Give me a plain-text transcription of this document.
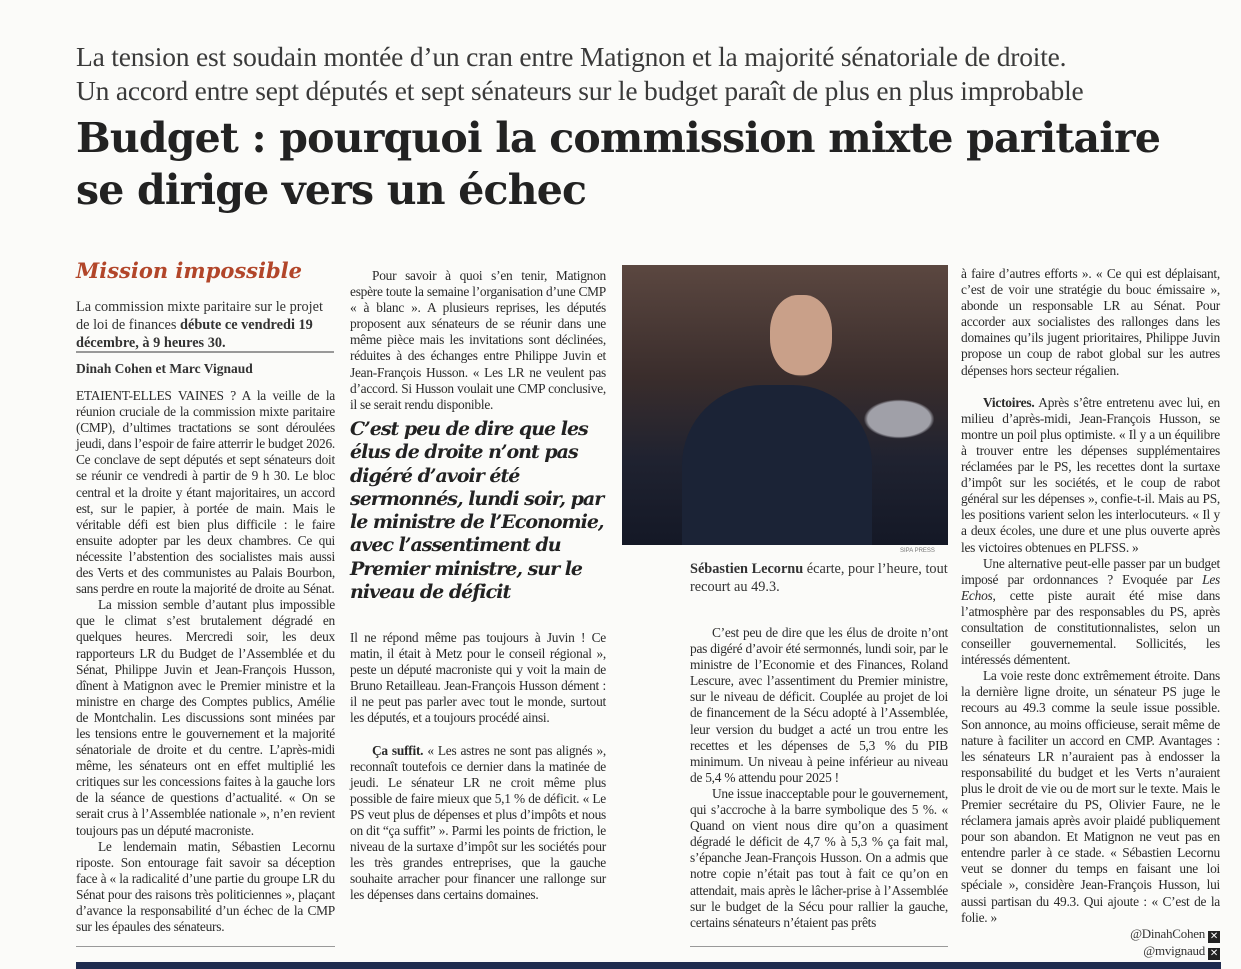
La tension est soudain montée d’un cran entre Matignon et la majorité sénatoriale de droite.
Un accord entre sept députés et sept sénateurs sur le budget paraît de plus en plus improbable
Budget : pourquoi la commission mixte paritaire
se dirige vers un échec
Mission impossible
La commission mixte paritaire sur le projet de loi de finances débute ce vendredi 19 décembre, à 9 heures 30.
Dinah Cohen et Marc Vignaud

ETAIENT-ELLES VAINES ? A la veille de la réunion cruciale de la commission mixte paritaire (CMP), d’ultimes tractations se sont déroulées jeudi, dans l’espoir de faire atterrir le budget 2026. Ce conclave de sept députés et sept sénateurs doit se réunir ce vendredi à partir de 9 h 30. Le bloc central et la droite y étant majoritaires, un accord est, sur le papier, à portée de main. Mais le véritable défi est bien plus difficile : le faire ensuite adopter par les deux chambres. Ce qui nécessite l’abstention des socialistes mais aussi des Verts et des communistes au Palais Bourbon, sans perdre en route la majorité de droite au Sénat.

La mission semble d’autant plus impossible que le climat s’est brutalement dégradé en quelques heures. Mercredi soir, les deux rapporteurs LR du Budget de l’Assemblée et du Sénat, Philippe Juvin et Jean-François Husson, dînent à Matignon avec le Premier ministre et la ministre en charge des Comptes publics, Amélie de Montchalin. Les discussions sont minées par les tensions entre le gouvernement et la majorité sénatoriale de droite et du centre. L’après-midi même, les sénateurs ont en effet multiplié les critiques sur les concessions faites à la gauche lors de la séance de questions d’actualité. « On se serait crus à l’Assemblée nationale », n’en revient toujours pas un député macroniste.

Le lendemain matin, Sébastien Lecornu riposte. Son entourage fait savoir sa déception face à « la radicalité d’une partie du groupe LR du Sénat pour des raisons très politiciennes », plaçant d’avance la responsabilité d’un échec de la CMP sur les épaules des sénateurs.

Pour savoir à quoi s’en tenir, Matignon espère toute la semaine l’organisation d’une CMP « à blanc ». A plusieurs reprises, les députés proposent aux sénateurs de se réunir dans une même pièce mais les invitations sont déclinées, réduites à des échanges entre Philippe Juvin et Jean-François Husson. « Les LR ne veulent pas d’accord. Si Husson voulait une CMP conclusive, il se serait rendu disponible.

C’est peu de dire que les élus de droite n’ont pas digéré d’avoir été sermonnés, lundi soir, par le ministre de l’Economie, avec l’assentiment du Premier ministre, sur le niveau de déficit

Il ne répond même pas toujours à Juvin ! Ce matin, il était à Metz pour le conseil régional », peste un député macroniste qui y voit la main de Bruno Retailleau. Jean-François Husson dément : il ne peut pas parler avec tout le monde, surtout les députés, et a toujours procédé ainsi.

Ça suffit. « Les astres ne sont pas alignés », reconnaît toutefois ce dernier dans la matinée de jeudi. Le sénateur LR ne croit même plus possible de faire mieux que 5,1 % de déficit. « Le PS veut plus de dépenses et plus d’impôts et nous on dit “ça suffit” ». Parmi les points de friction, le niveau de la surtaxe d’impôt sur les sociétés pour les très grandes entreprises, que la gauche souhaite arracher pour financer une rallonge sur les dépenses dans certains domaines.

SIPA PRESS
Sébastien Lecornu écarte, pour l’heure, tout recourt au 49.3.

C’est peu de dire que les élus de droite n’ont pas digéré d’avoir été sermonnés, lundi soir, par le ministre de l’Economie et des Finances, Roland Lescure, avec l’assentiment du Premier ministre, sur le niveau de déficit. Couplée au projet de loi de financement de la Sécu adopté à l’Assemblée, leur version du budget a acté un trou entre les recettes et les dépenses de 5,3 % du PIB minimum. Un niveau à peine inférieur au niveau de 5,4 % attendu pour 2025 !

Une issue inacceptable pour le gouvernement, qui s’accroche à la barre symbolique des 5 %. « Quand on vient nous dire qu’on a quasiment dégradé le déficit de 4,7 % à 5,3 % ça fait mal, s’épanche Jean-François Husson. On a admis que notre copie n’était pas tout à fait ce qu’on en attendait, mais après le lâcher-prise à l’Assemblée sur le budget de la Sécu pour rallier la gauche, certains sénateurs n’étaient pas prêts

à faire d’autres efforts ». « Ce qui est déplaisant, c’est de voir une stratégie du bouc émissaire », abonde un responsable LR au Sénat. Pour accorder aux socialistes des rallonges dans les domaines qu’ils jugent prioritaires, Philippe Juvin propose un coup de rabot global sur les autres dépenses hors secteur régalien.

Victoires. Après s’être entretenu avec lui, en milieu d’après-midi, Jean-François Husson, se montre un poil plus optimiste. « Il y a un équilibre à trouver entre les dépenses supplémentaires réclamées par le PS, les recettes dont la surtaxe d’impôt sur les sociétés, et le coup de rabot général sur les dépenses », confie-t-il. Mais au PS, les positions varient selon les interlocuteurs. « Il y a deux écoles, une dure et une plus ouverte après les victoires obtenues en PLFSS. »

Une alternative peut-elle passer par un budget imposé par ordonnances ? Evoquée par Les Echos, cette piste aurait été mise dans l’atmosphère par des responsables du PS, après consultation de constitutionnalistes, selon un conseiller gouvernemental. Sollicités, les intéressés démentent.

La voie reste donc extrêmement étroite. Dans la dernière ligne droite, un sénateur PS juge le recours au 49.3 comme la seule issue possible. Son annonce, au moins officieuse, serait même de nature à faciliter un accord en CMP. Avantages : les sénateurs LR n’auraient pas à endosser la responsabilité du budget et les Verts n’auraient plus le droit de vie ou de mort sur le texte. Mais le Premier secrétaire du PS, Olivier Faure, ne le réclamera jamais après avoir plaidé publiquement pour son abandon. Et Matignon ne veut pas en entendre parler à ce stade. « Sébastien Lecornu veut se donner du temps en faisant une loi spéciale », considère Jean-François Husson, lui aussi partisan du 49.3. Qui ajoute : « C’est de la folie. »

@DinahCohen ✕
@mvignaud ✕
